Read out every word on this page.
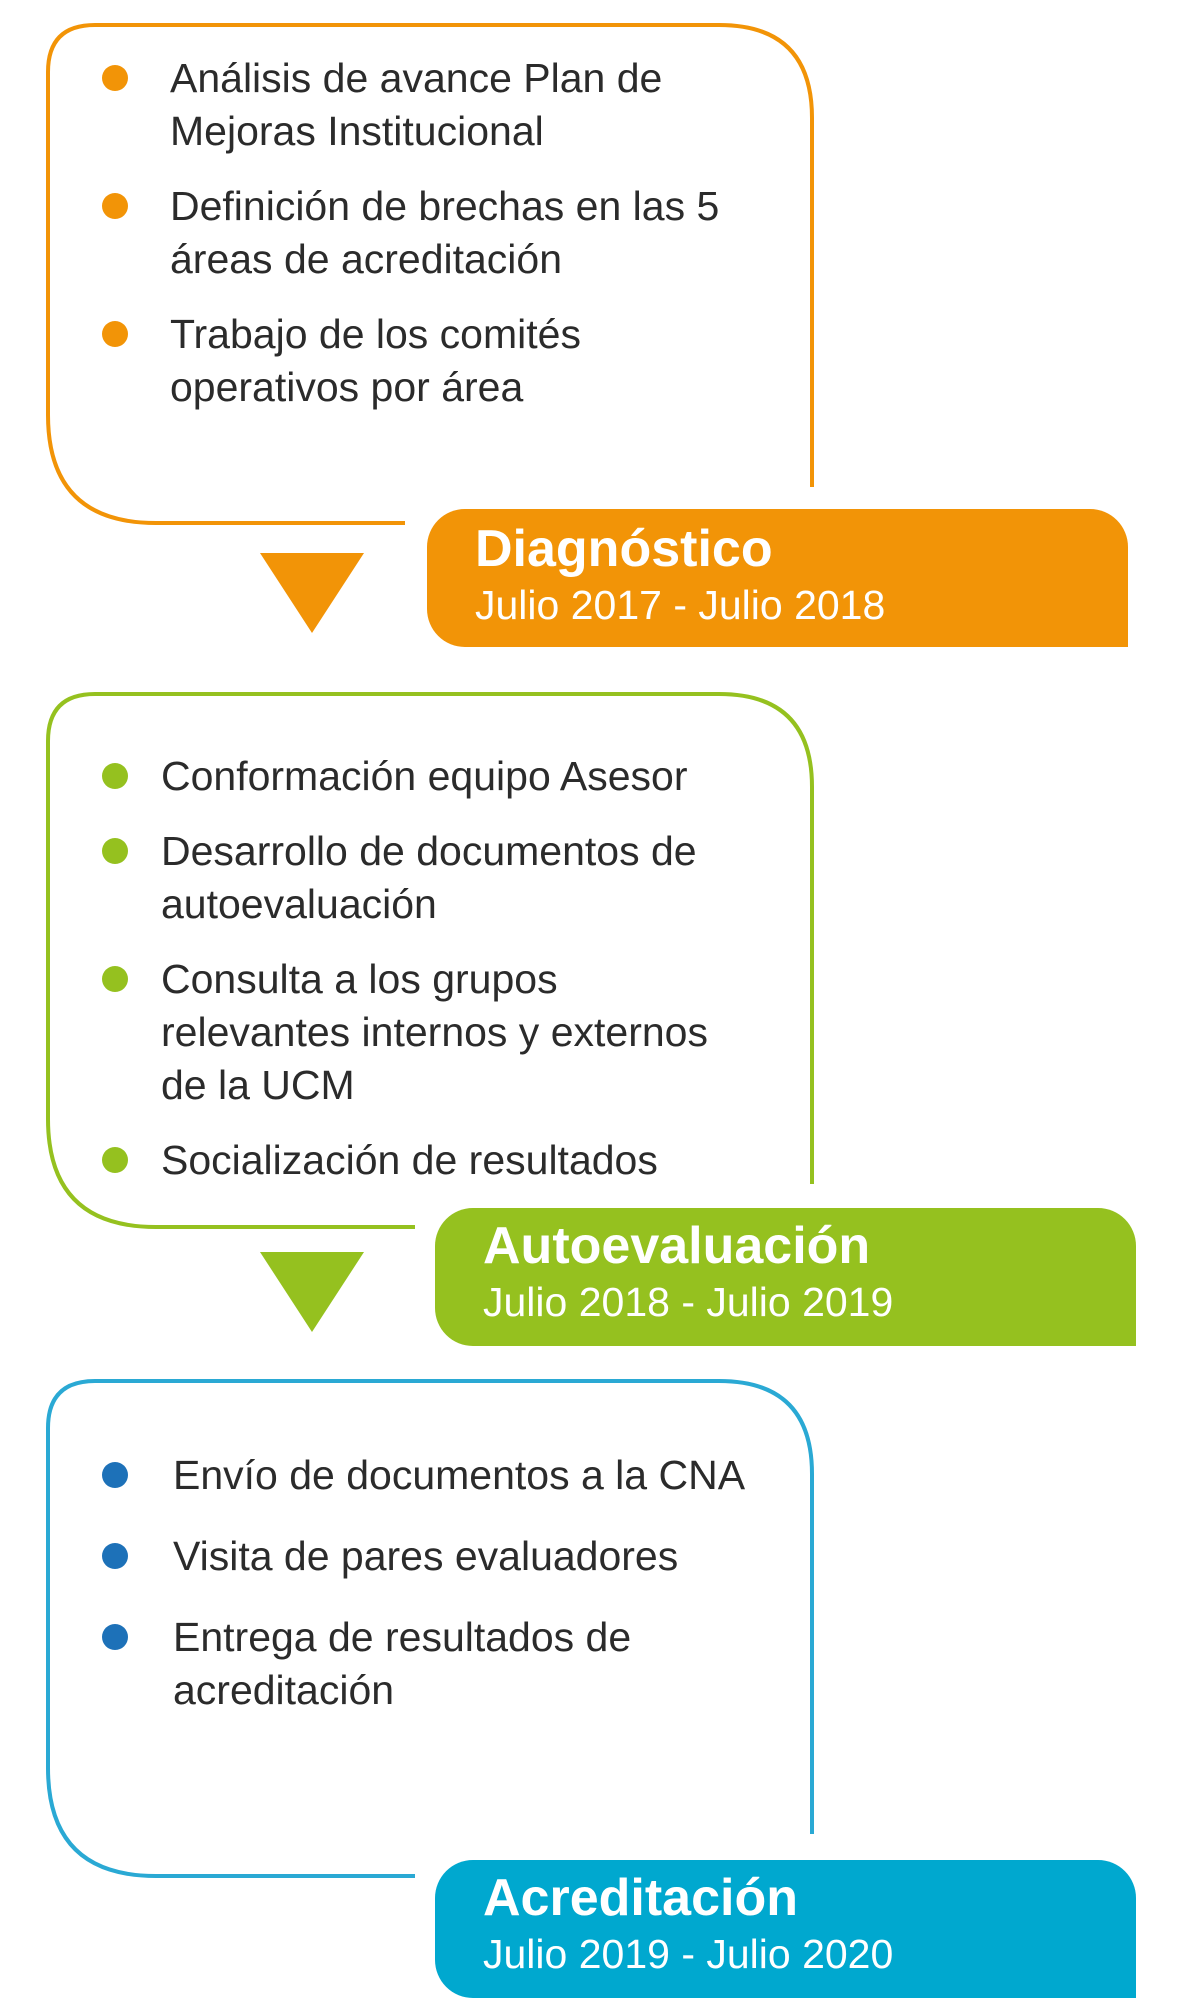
Análisis de avance Plan de
Mejoras Institucional
Definición de brechas en las 5
áreas de acreditación
Trabajo de los comités
operativos por área
Diagnóstico
Julio 2017 - Julio 2018
Conformación equipo Asesor
Desarrollo de documentos de
autoevaluación
Consulta a los grupos
relevantes internos y externos
de la UCM
Socialización de resultados
Autoevaluación
Julio 2018 - Julio 2019
Envío de documentos a la CNA
Visita de pares evaluadores
Entrega de resultados de
acreditación
Acreditación
Julio 2019 - Julio 2020
